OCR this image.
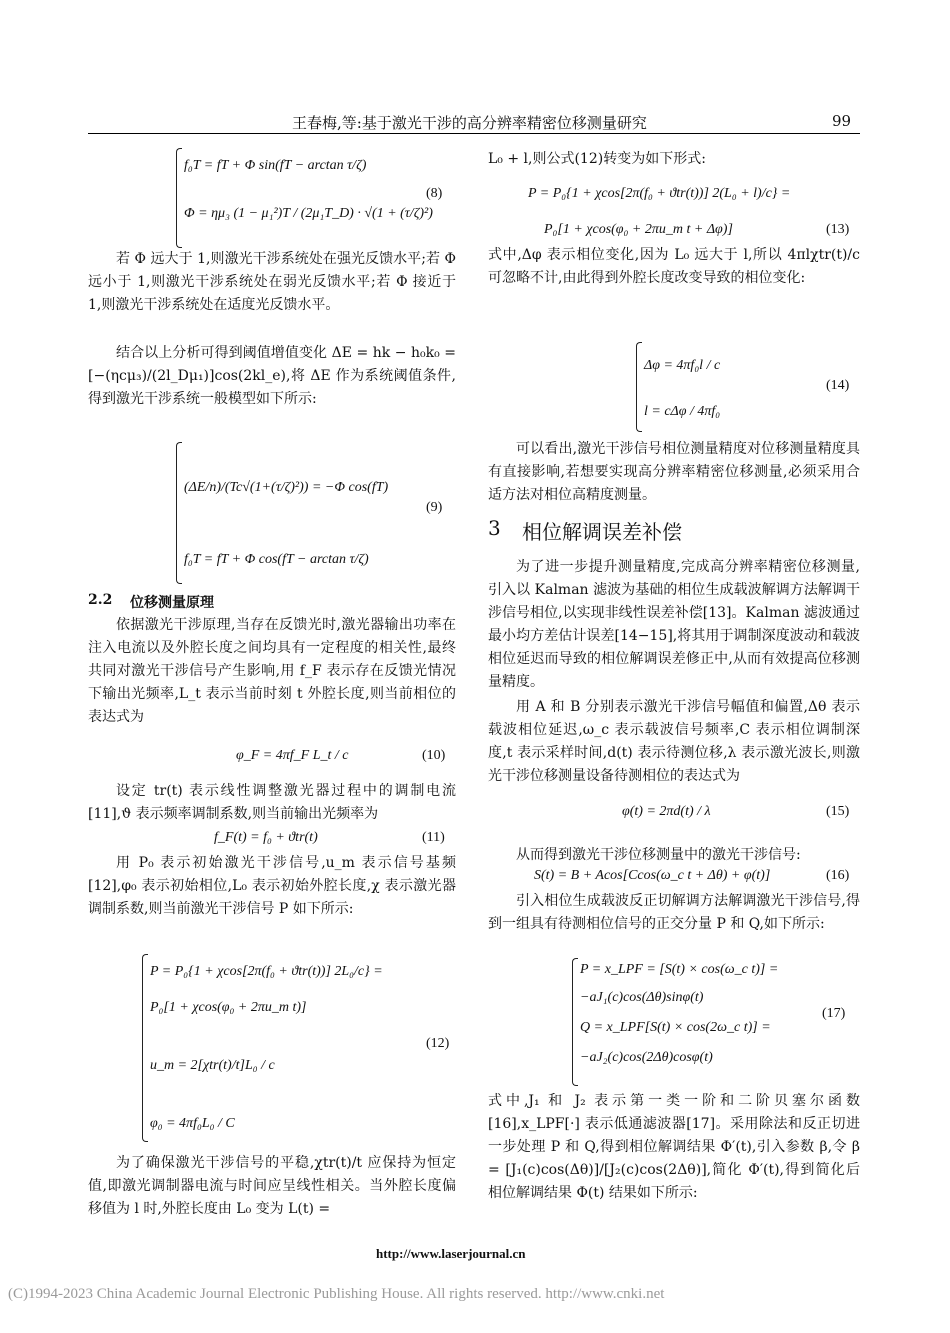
王春梅,等:基于激光干涉的高分辨率精密位移测量研究	99
f₀T = fT + Φ sin(fT − arctan τ/ζ)
Φ = ημ₃ (1 − μ₁²)T / (2μ₁T_D) · √(1 + (τ/ζ)²)
(8)

若 Φ 远大于 1,则激光干涉系统处在强光反馈水平;若 Φ 远小于 1,则激光干涉系统处在弱光反馈水平;若 Φ 接近于 1,则激光干涉系统处在适度光反馈水平。

结合以上分析可得到阈值增值变化 ΔE = hk − h₀k₀ = [−(ηcμ₃)/(2l_Dμ₁)]cos(2kl_e),将 ΔE 作为系统阈值条件,得到激光干涉系统一般模型如下所示:

(ΔE/n)/(Tc√(1+(τ/ζ)²)) = −Φ cos(fT)
f₀T = fT + Φ cos(fT − arctan τ/ζ)
(9)
2.2 位移测量原理

依据激光干涉原理,当存在反馈光时,激光器输出功率在注入电流以及外腔长度之间均具有一定程度的相关性,最终共同对激光干涉信号产生影响,用 f_F 表示存在反馈光情况下输出光频率,L_t 表示当前时刻 t 外腔长度,则当前相位的表达式为

φ_F = 4πf_F L_t / c	(10)

设定 tr(t) 表示线性调整激光器过程中的调制电流[11],ϑ 表示频率调制系数,则当前输出光频率为

f_F(t) = f₀ + ϑtr(t)	(11)

用 P₀ 表示初始激光干涉信号,u_m 表示信号基频[12],φ₀ 表示初始相位,L₀ 表示初始外腔长度,χ 表示激光器调制系数,则当前激光干涉信号 P 如下所示:

P = P₀{1 + χcos[2π(f₀ + ϑtr(t))] 2L₀/c} =
P₀[1 + χcos(φ₀ + 2πu_m t)]
u_m = 2[χtr(t)/t]L₀ / c
φ₀ = 4πf₀L₀ / C
(12)

为了确保激光干涉信号的平稳,χtr(t)/t 应保持为恒定值,即激光调制器电流与时间应呈线性相关。当外腔长度偏移值为 l 时,外腔长度由 L₀ 变为 L(t) =

L₀ + l,则公式(12)转变为如下形式:

P = P₀{1 + χcos[2π(f₀ + ϑtr(t))] 2(L₀ + l)/c} =
P₀[1 + χcos(φ₀ + 2πu_m t + Δφ)]	(13)

式中,Δφ 表示相位变化,因为 L₀ 远大于 l,所以 4πlχtr(t)/c 可忽略不计,由此得到外腔长度改变导致的相位变化:

Δφ = 4πf₀l / c
l = cΔφ / 4πf₀
(14)

可以看出,激光干涉信号相位测量精度对位移测量精度具有直接影响,若想要实现高分辨率精密位移测量,必须采用合适方法对相位高精度测量。

3 相位解调误差补偿

为了进一步提升测量精度,完成高分辨率精密位移测量,引入以 Kalman 滤波为基础的相位生成载波解调方法解调干涉信号相位,以实现非线性误差补偿[13]。Kalman 滤波通过最小均方差估计误差[14−15],将其用于调制深度波动和载波相位延迟而导致的相位解调误差修正中,从而有效提高位移测量精度。

用 A 和 B 分别表示激光干涉信号幅值和偏置,Δθ 表示载波相位延迟,ω_c 表示载波信号频率,C 表示相位调制深度,t 表示采样时间,d(t) 表示待测位移,λ 表示激光波长,则激光干涉位移测量设备待测相位的表达式为

φ(t) = 2πd(t) / λ	(15)

从而得到激光干涉位移测量中的激光干涉信号:

S(t) = B + Acos[Ccos(ω_c t + Δθ) + φ(t)]	(16)

引入相位生成载波反正切解调方法解调激光干涉信号,得到一组具有待测相位信号的正交分量 P 和 Q,如下所示:

P = x_LPF = [S(t) × cos(ω_c t)] =
−aJ₁(c)cos(Δθ)sinφ(t)
Q = x_LPF[S(t) × cos(2ω_c t)] =
−aJ₂(c)cos(2Δθ)cosφ(t)
(17)

式中,J₁ 和 J₂ 表示第一类一阶和二阶贝塞尔函数[16],x_LPF[·] 表示低通滤波器[17]。采用除法和反正切进一步处理 P 和 Q,得到相位解调结果 Φ′(t),引入参数 β,令 β = [J₁(c)cos(Δθ)]/[J₂(c)cos(2Δθ)],简化 Φ′(t),得到简化后相位解调结果 Φ(t) 结果如下所示:

http://www.laserjournal.cn
(C)1994-2023 China Academic Journal Electronic Publishing House. All rights reserved. http://www.cnki.net
